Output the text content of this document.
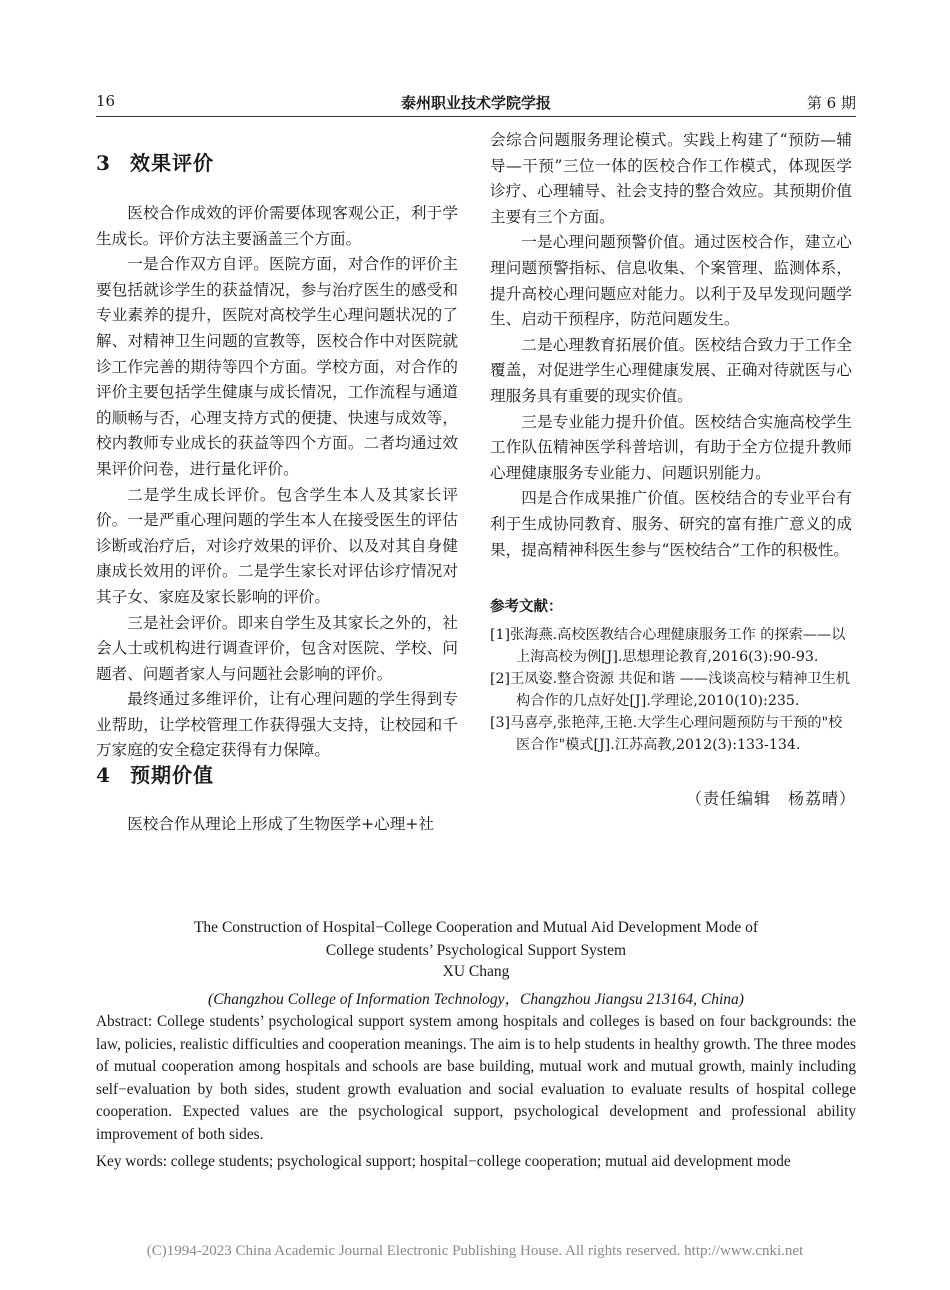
16	泰州职业技术学院学报	第 6 期
3 效果评价

医校合作成效的评价需要体现客观公正，利于学生成长。评价方法主要涵盖三个方面。

一是合作双方自评。医院方面，对合作的评价主要包括就诊学生的获益情况，参与治疗医生的感受和专业素养的提升，医院对高校学生心理问题状况的了解、对精神卫生问题的宣教等，医校合作中对医院就诊工作完善的期待等四个方面。学校方面，对合作的评价主要包括学生健康与成长情况，工作流程与通道的顺畅与否，心理支持方式的便捷、快速与成效等，校内教师专业成长的获益等四个方面。二者均通过效果评价问卷，进行量化评价。

二是学生成长评价。包含学生本人及其家长评价。一是严重心理问题的学生本人在接受医生的评估诊断或治疗后，对诊疗效果的评价、以及对其自身健康成长效用的评价。二是学生家长对评估诊疗情况对其子女、家庭及家长影响的评价。

三是社会评价。即来自学生及其家长之外的，社会人士或机构进行调查评价，包含对医院、学校、问题者、问题者家人与问题社会影响的评价。

最终通过多维评价，让有心理问题的学生得到专业帮助，让学校管理工作获得强大支持，让校园和千万家庭的安全稳定获得有力保障。

4 预期价值

医校合作从理论上形成了生物医学+心理+社

会综合问题服务理论模式。实践上构建了“预防—辅导—干预”三位一体的医校合作工作模式，体现医学诊疗、心理辅导、社会支持的整合效应。其预期价值主要有三个方面。

一是心理问题预警价值。通过医校合作，建立心理问题预警指标、信息收集、个案管理、监测体系，提升高校心理问题应对能力。以利于及早发现问题学生、启动干预程序，防范问题发生。

二是心理教育拓展价值。医校结合致力于工作全覆盖，对促进学生心理健康发展、正确对待就医与心理服务具有重要的现实价值。

三是专业能力提升价值。医校结合实施高校学生工作队伍精神医学科普培训，有助于全方位提升教师心理健康服务专业能力、问题识别能力。

四是合作成果推广价值。医校结合的专业平台有利于生成协同教育、服务、研究的富有推广意义的成果，提高精神科医生参与“医校结合”工作的积极性。

参考文献：
[1]张海燕.高校医教结合心理健康服务工作 的探索——以上海高校为例[J].思想理论教育,2016(3):90-93.
[2]王凤姿.整合资源 共促和谐 ——浅谈高校与精神卫生机构合作的几点好处[J].学理论,2010(10):235.
[3]马喜亭,张艳萍,王艳.大学生心理问题预防与干预的"校医合作"模式[J].江苏高教,2012(3):133-134.
（责任编辑　杨荔晴）
The Construction of Hospital−College Cooperation and Mutual Aid Development Mode of
College students’ Psychological Support System
XU Chang
(Changzhou College of Information Technology，Changzhou Jiangsu 213164, China)
Abstract: College students’ psychological support system among hospitals and colleges is based on four backgrounds: the law, policies, realistic difficulties and cooperation meanings. The aim is to help students in healthy growth. The three modes of mutual cooperation among hospitals and schools are base building, mutual work and mutual growth, mainly including self−evaluation by both sides, student growth evaluation and social evaluation to evaluate results of hospital college cooperation. Expected values are the psychological support, psychological development and professional ability improvement of both sides.
Key words: college students; psychological support; hospital−college cooperation; mutual aid development mode
(C)1994-2023 China Academic Journal Electronic Publishing House. All rights reserved. http://www.cnki.net
